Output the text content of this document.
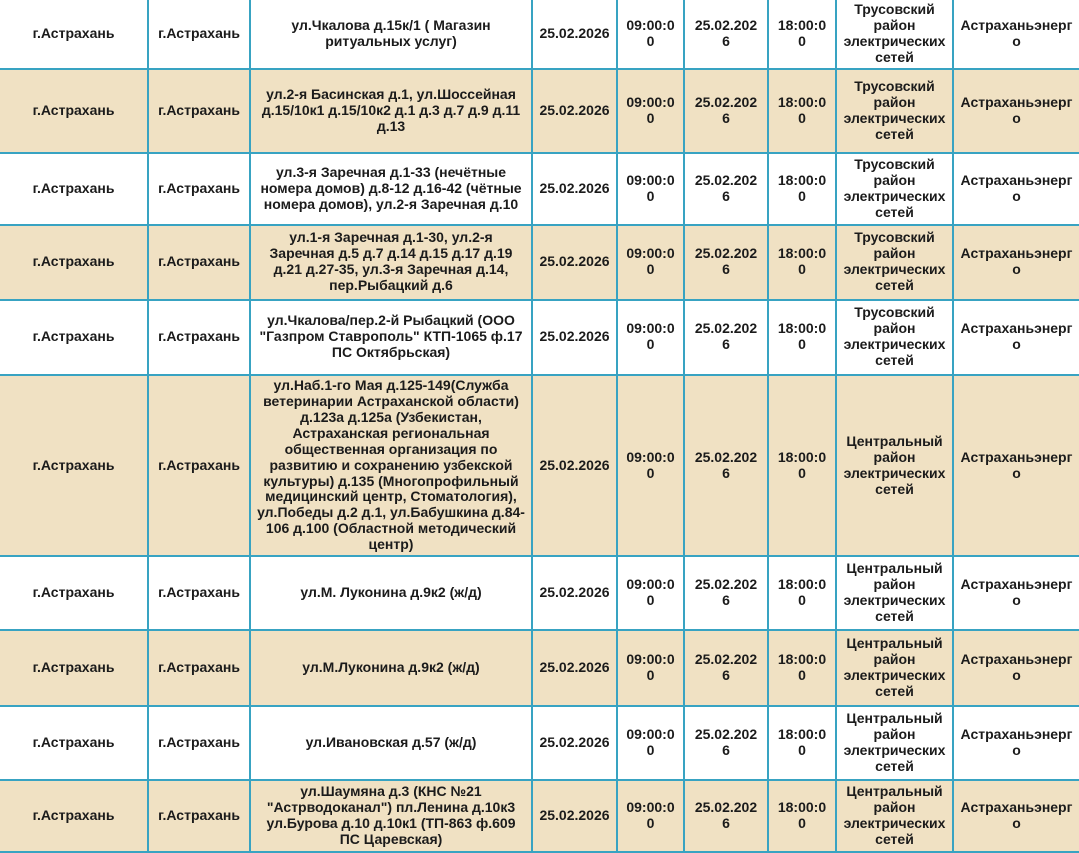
г.Астрахань	г.Астрахань	ул.Чкалова д.15к/1 ( Магазин ритуальных услуг)	25.02.2026	09:00:00	25.02.2026	18:00:00	Трусовский район электрических сетей	Астраханьэнерго
г.Астрахань	г.Астрахань	ул.2-я Басинская д.1, ул.Шоссейная д.15/10к1 д.15/10к2 д.1 д.3 д.7 д.9 д.11 д.13	25.02.2026	09:00:00	25.02.2026	18:00:00	Трусовский район электрических сетей	Астраханьэнерго
г.Астрахань	г.Астрахань	ул.3-я Заречная д.1-33 (нечётные номера домов) д.8-12 д.16-42 (чётные номера домов), ул.2-я Заречная д.10	25.02.2026	09:00:00	25.02.2026	18:00:00	Трусовский район электрических сетей	Астраханьэнерго
г.Астрахань	г.Астрахань	ул.1-я Заречная д.1-30, ул.2-я Заречная д.5 д.7 д.14 д.15 д.17 д.19 д.21 д.27-35, ул.3-я Заречная д.14, пер.Рыбацкий д.6	25.02.2026	09:00:00	25.02.2026	18:00:00	Трусовский район электрических сетей	Астраханьэнерго
г.Астрахань	г.Астрахань	ул.Чкалова/пер.2-й Рыбацкий (ООО "Газпром Ставрополь" КТП-1065 ф.17 ПС Октябрьская)	25.02.2026	09:00:00	25.02.2026	18:00:00	Трусовский район электрических сетей	Астраханьэнерго
г.Астрахань	г.Астрахань	ул.Наб.1-го Мая д.125-149(Служба ветеринарии Астраханской области) д.123а д.125а (Узбекистан, Астраханская региональная общественная организация по развитию и сохранению узбекской культуры) д.135 (Многопрофильный медицинский центр, Стоматология), ул.Победы д.2 д.1, ул.Бабушкина д.84-106 д.100 (Областной методический центр)	25.02.2026	09:00:00	25.02.2026	18:00:00	Центральный район электрических сетей	Астраханьэнерго
г.Астрахань	г.Астрахань	ул.М. Луконина д.9к2 (ж/д)	25.02.2026	09:00:00	25.02.2026	18:00:00	Центральный район электрических сетей	Астраханьэнерго
г.Астрахань	г.Астрахань	ул.М.Луконина д.9к2 (ж/д)	25.02.2026	09:00:00	25.02.2026	18:00:00	Центральный район электрических сетей	Астраханьэнерго
г.Астрахань	г.Астрахань	ул.Ивановская д.57 (ж/д)	25.02.2026	09:00:00	25.02.2026	18:00:00	Центральный район электрических сетей	Астраханьэнерго
г.Астрахань	г.Астрахань	ул.Шаумяна д.3 (КНС №21 "Астрводоканал") пл.Ленина д.10к3 ул.Бурова д.10 д.10к1 (ТП-863 ф.609 ПС Царевская)	25.02.2026	09:00:00	25.02.2026	18:00:00	Центральный район электрических сетей	Астраханьэнерго
